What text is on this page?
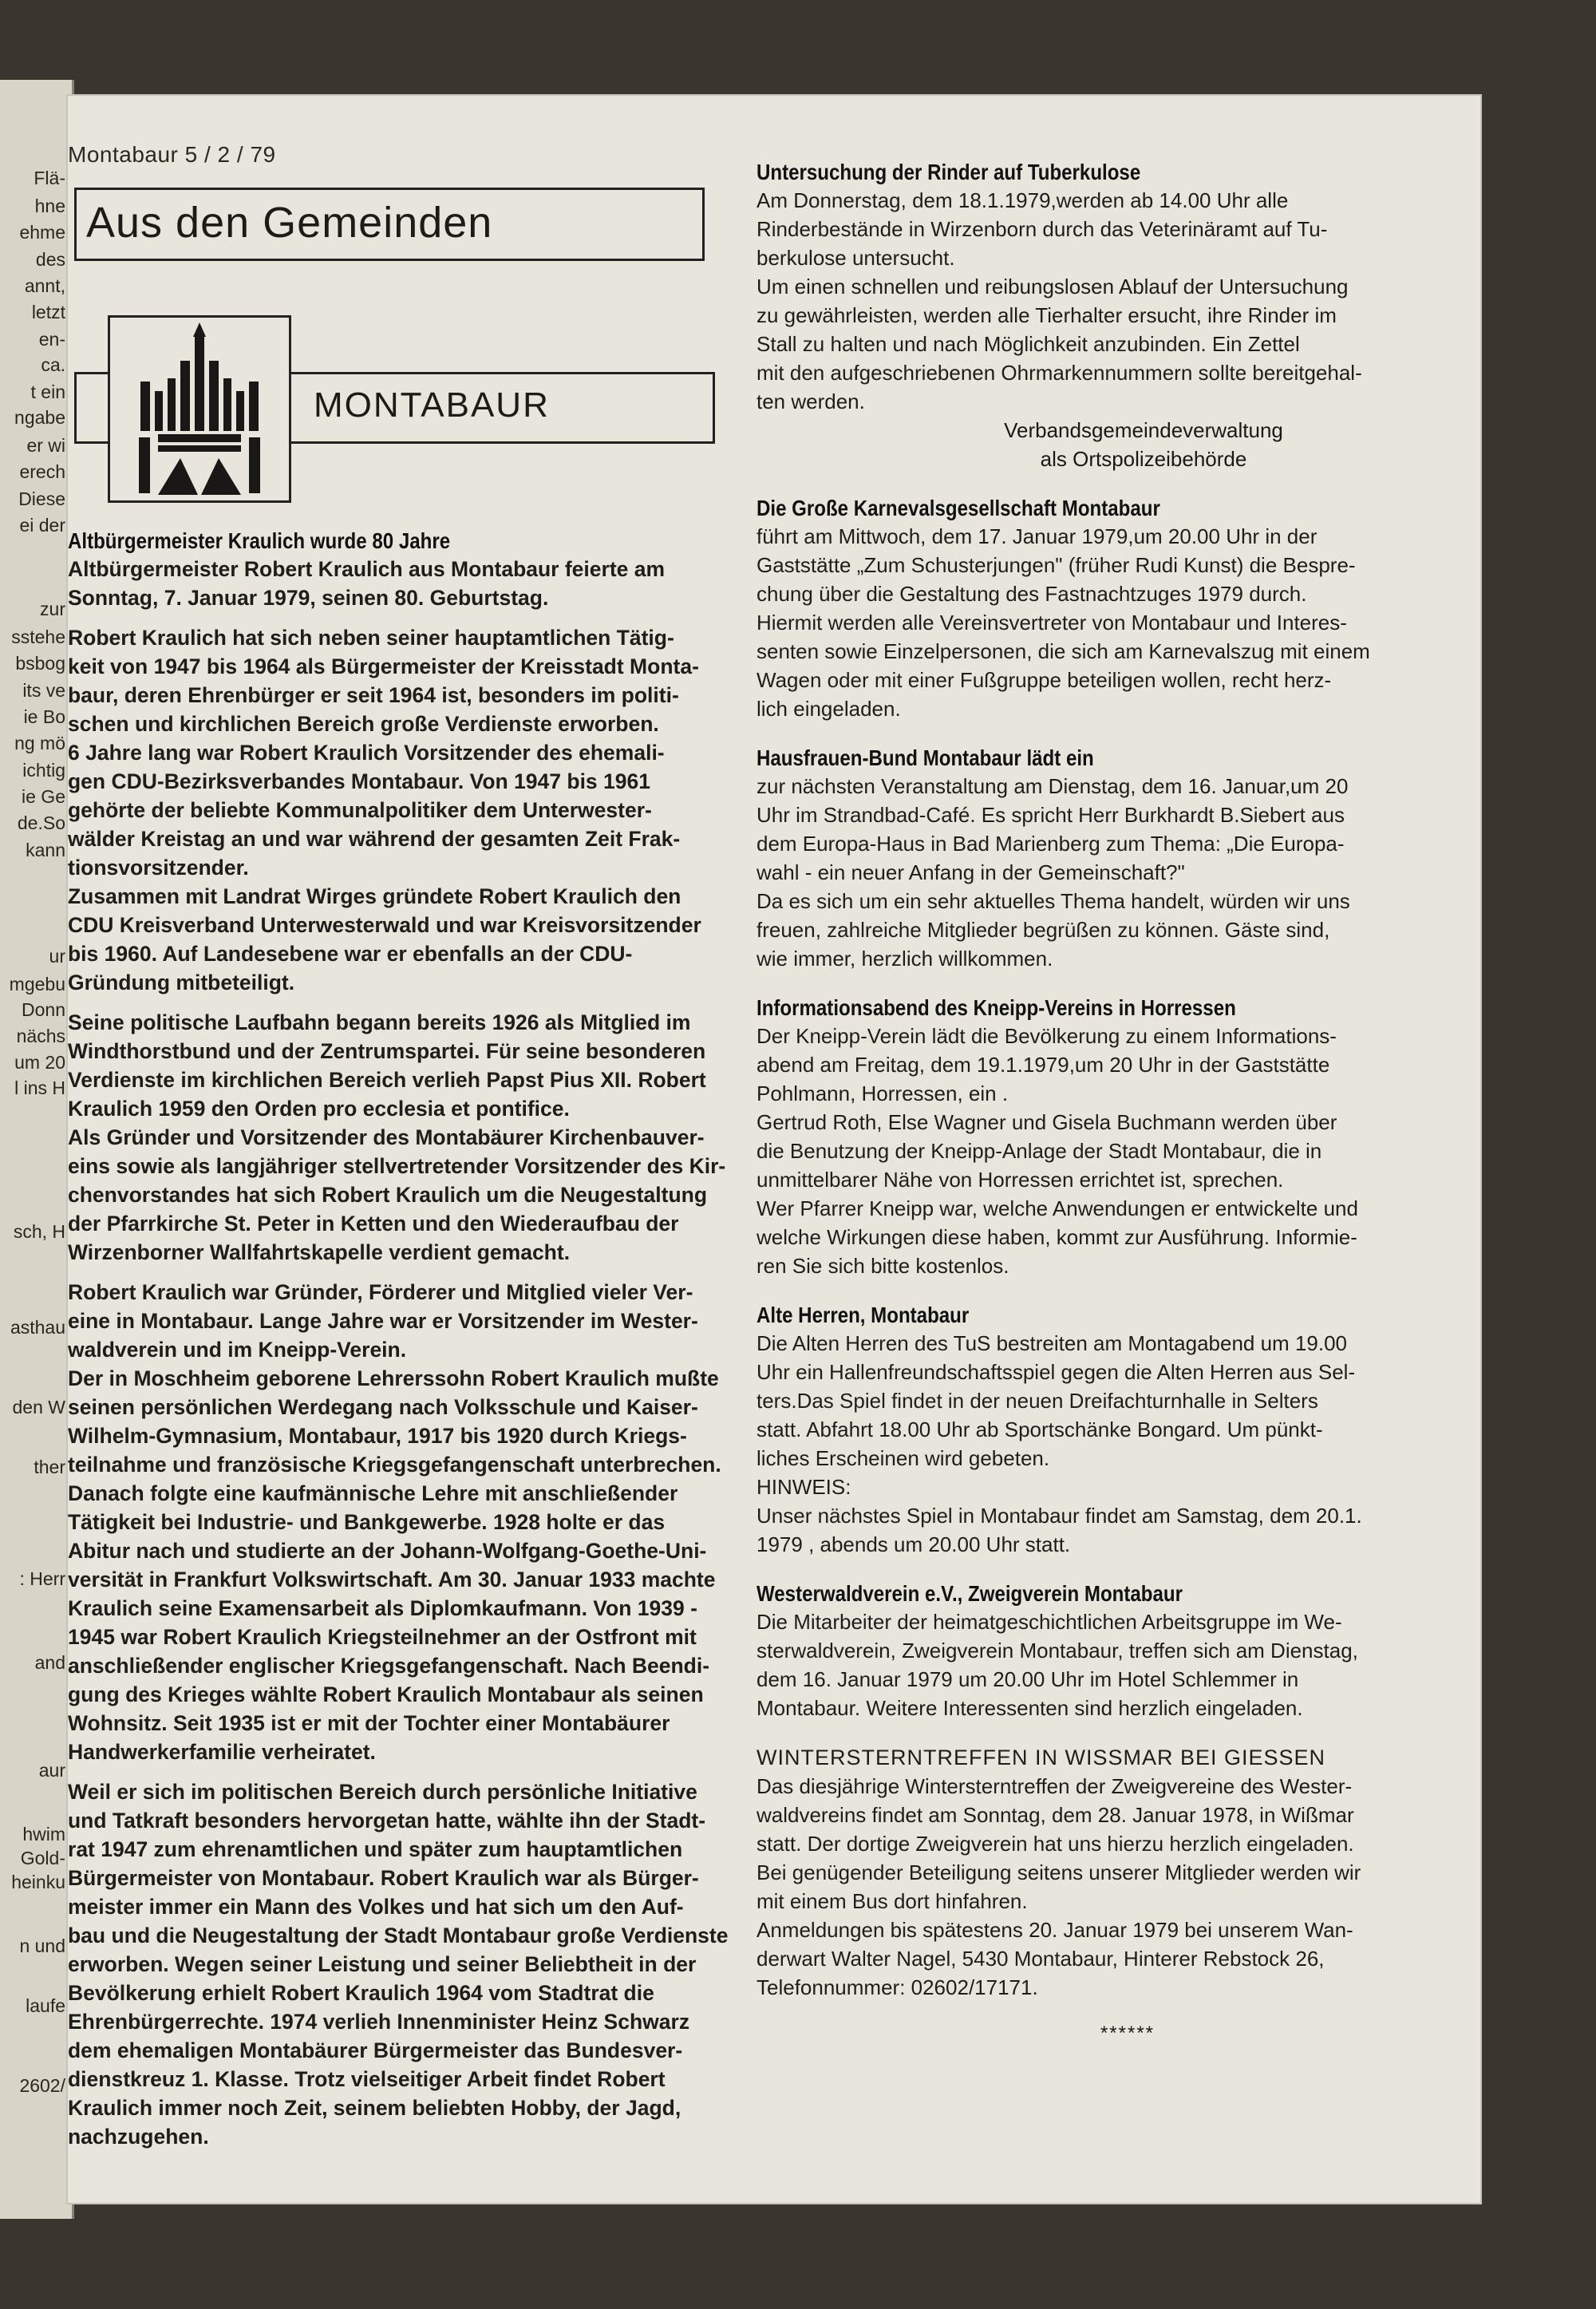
Flä-
hne
ehme
des
annt,
letzt
en-
ca.
t ein
ngabe
er wi
erech
Diese
ei der
zur
sstehe
bsbog
its ve
ie Bo
ng mö
ichtig
ie Ge
de.So
kann
ur
mgebu
Donn
nächs
um 20
l ins H
sch, H
asthau
den W
ther
: Herr
and
aur
hwim
Gold-
heinku
n und
laufe
2602/
Montabaur 5 / 2 / 79
Aus den Gemeinden
MONTABAUR
Altbürgermeister Kraulich wurde 80 Jahre

Altbürgermeister Robert Kraulich aus Montabaur feierte am

Sonntag, 7. Januar 1979, seinen 80. Geburtstag.

Robert Kraulich hat sich neben seiner hauptamtlichen Tätig-

keit von 1947 bis 1964 als Bürgermeister der Kreisstadt Monta-

baur, deren Ehrenbürger er seit 1964 ist, besonders im politi-

schen und kirchlichen Bereich große Verdienste erworben.

6 Jahre lang war Robert Kraulich Vorsitzender des ehemali-

gen CDU-Bezirksverbandes Montabaur. Von 1947 bis 1961

gehörte der beliebte Kommunalpolitiker dem Unterwester-

wälder Kreistag an und war während der gesamten Zeit Frak-

tionsvorsitzender.

Zusammen mit Landrat Wirges gründete Robert Kraulich den

CDU Kreisverband Unterwesterwald und war Kreisvorsitzender

bis 1960. Auf Landesebene war er ebenfalls an der CDU-

Gründung mitbeteiligt.

Seine politische Laufbahn begann bereits 1926 als Mitglied im

Windthorstbund und der Zentrumspartei. Für seine besonderen

Verdienste im kirchlichen Bereich verlieh Papst Pius XII. Robert

Kraulich 1959 den Orden pro ecclesia et pontifice.

Als Gründer und Vorsitzender des Montabäurer Kirchenbauver-

eins sowie als langjähriger stellvertretender Vorsitzender des Kir-

chenvorstandes hat sich Robert Kraulich um die Neugestaltung

der Pfarrkirche St. Peter in Ketten und den Wiederaufbau der

Wirzenborner Wallfahrtskapelle verdient gemacht.

Robert Kraulich war Gründer, Förderer und Mitglied vieler Ver-

eine in Montabaur. Lange Jahre war er Vorsitzender im Wester-

waldverein und im Kneipp-Verein.

Der in Moschheim geborene Lehrerssohn Robert Kraulich mußte

seinen persönlichen Werdegang nach Volksschule und Kaiser-

Wilhelm-Gymnasium, Montabaur, 1917 bis 1920 durch Kriegs-

teilnahme und französische Kriegsgefangenschaft unterbrechen.

Danach folgte eine kaufmännische Lehre mit anschließender

Tätigkeit bei Industrie- und Bankgewerbe. 1928 holte er das

Abitur nach und studierte an der Johann-Wolfgang-Goethe-Uni-

versität in Frankfurt Volkswirtschaft. Am 30. Januar 1933 machte

Kraulich seine Examensarbeit als Diplomkaufmann. Von 1939 -

1945 war Robert Kraulich Kriegsteilnehmer an der Ostfront mit

anschließender englischer Kriegsgefangenschaft. Nach Beendi-

gung des Krieges wählte Robert Kraulich Montabaur als seinen

Wohnsitz. Seit 1935 ist er mit der Tochter einer Montabäurer

Handwerkerfamilie verheiratet.

Weil er sich im politischen Bereich durch persönliche Initiative

und Tatkraft besonders hervorgetan hatte, wählte ihn der Stadt-

rat 1947 zum ehrenamtlichen und später zum hauptamtlichen

Bürgermeister von Montabaur. Robert Kraulich war als Bürger-

meister immer ein Mann des Volkes und hat sich um den Auf-

bau und die Neugestaltung der Stadt Montabaur große Verdienste

erworben. Wegen seiner Leistung und seiner Beliebtheit in der

Bevölkerung erhielt Robert Kraulich 1964 vom Stadtrat die

Ehrenbürgerrechte. 1974 verlieh Innenminister Heinz Schwarz

dem ehemaligen Montabäurer Bürgermeister das Bundesver-

dienstkreuz 1. Klasse. Trotz vielseitiger Arbeit findet Robert

Kraulich immer noch Zeit, seinem beliebten Hobby, der Jagd,

nachzugehen.

Untersuchung der Rinder auf Tuberkulose

Am Donnerstag, dem 18.1.1979,werden ab 14.00 Uhr alle

Rinderbestände in Wirzenborn durch das Veterinäramt auf Tu-

berkulose untersucht.

Um einen schnellen und reibungslosen Ablauf der Untersuchung

zu gewährleisten, werden alle Tierhalter ersucht, ihre Rinder im

Stall zu halten und nach Möglichkeit anzubinden. Ein Zettel

mit den aufgeschriebenen Ohrmarkennummern sollte bereitgehal-

ten werden.

Verbandsgemeindeverwaltung
als Ortspolizeibehörde
Die Große Karnevalsgesellschaft Montabaur

führt am Mittwoch, dem 17. Januar 1979,um 20.00 Uhr in der

Gaststätte „Zum Schusterjungen" (früher Rudi Kunst) die Bespre-

chung über die Gestaltung des Fastnachtzuges 1979 durch.

Hiermit werden alle Vereinsvertreter von Montabaur und Interes-

senten sowie Einzelpersonen, die sich am Karnevalszug mit einem

Wagen oder mit einer Fußgruppe beteiligen wollen, recht herz-

lich eingeladen.

Hausfrauen-Bund Montabaur lädt ein

zur nächsten Veranstaltung am Dienstag, dem 16. Januar,um 20

Uhr im Strandbad-Café. Es spricht Herr Burkhardt B.Siebert aus

dem Europa-Haus in Bad Marienberg zum Thema: „Die Europa-

wahl - ein neuer Anfang in der Gemeinschaft?"

Da es sich um ein sehr aktuelles Thema handelt, würden wir uns

freuen, zahlreiche Mitglieder begrüßen zu können. Gäste sind,

wie immer, herzlich willkommen.

Informationsabend des Kneipp-Vereins in Horressen

Der Kneipp-Verein lädt die Bevölkerung zu einem Informations-

abend am Freitag, dem 19.1.1979,um 20 Uhr in der Gaststätte

Pohlmann, Horressen, ein .

Gertrud Roth, Else Wagner und Gisela Buchmann werden über

die Benutzung der Kneipp-Anlage der Stadt Montabaur, die in

unmittelbarer Nähe von Horressen errichtet ist, sprechen.

Wer Pfarrer Kneipp war, welche Anwendungen er entwickelte und

welche Wirkungen diese haben, kommt zur Ausführung. Informie-

ren Sie sich bitte kostenlos.

Alte Herren, Montabaur

Die Alten Herren des TuS bestreiten am Montagabend um 19.00

Uhr ein Hallenfreundschaftsspiel gegen die Alten Herren aus Sel-

ters.Das Spiel findet in der neuen Dreifachturnhalle in Selters

statt. Abfahrt 18.00 Uhr ab Sportschänke Bongard. Um pünkt-

liches Erscheinen wird gebeten.

HINWEIS:

Unser nächstes Spiel in Montabaur findet am Samstag, dem 20.1.

1979 , abends um 20.00 Uhr statt.

Westerwaldverein e.V., Zweigverein Montabaur

Die Mitarbeiter der heimatgeschichtlichen Arbeitsgruppe im We-

sterwaldverein, Zweigverein Montabaur, treffen sich am Dienstag,

dem 16. Januar 1979 um 20.00 Uhr im Hotel Schlemmer in

Montabaur. Weitere Interessenten sind herzlich eingeladen.

WINTERSTERNTREFFEN IN WISSMAR BEI GIESSEN

Das diesjährige Wintersterntreffen der Zweigvereine des Wester-

waldvereins findet am Sonntag, dem 28. Januar 1978, in Wißmar

statt. Der dortige Zweigverein hat uns hierzu herzlich eingeladen.

Bei genügender Beteiligung seitens unserer Mitglieder werden wir

mit einem Bus dort hinfahren.

Anmeldungen bis spätestens 20. Januar 1979 bei unserem Wan-

derwart Walter Nagel, 5430 Montabaur, Hinterer Rebstock 26,

Telefonnummer: 02602/17171.

******
